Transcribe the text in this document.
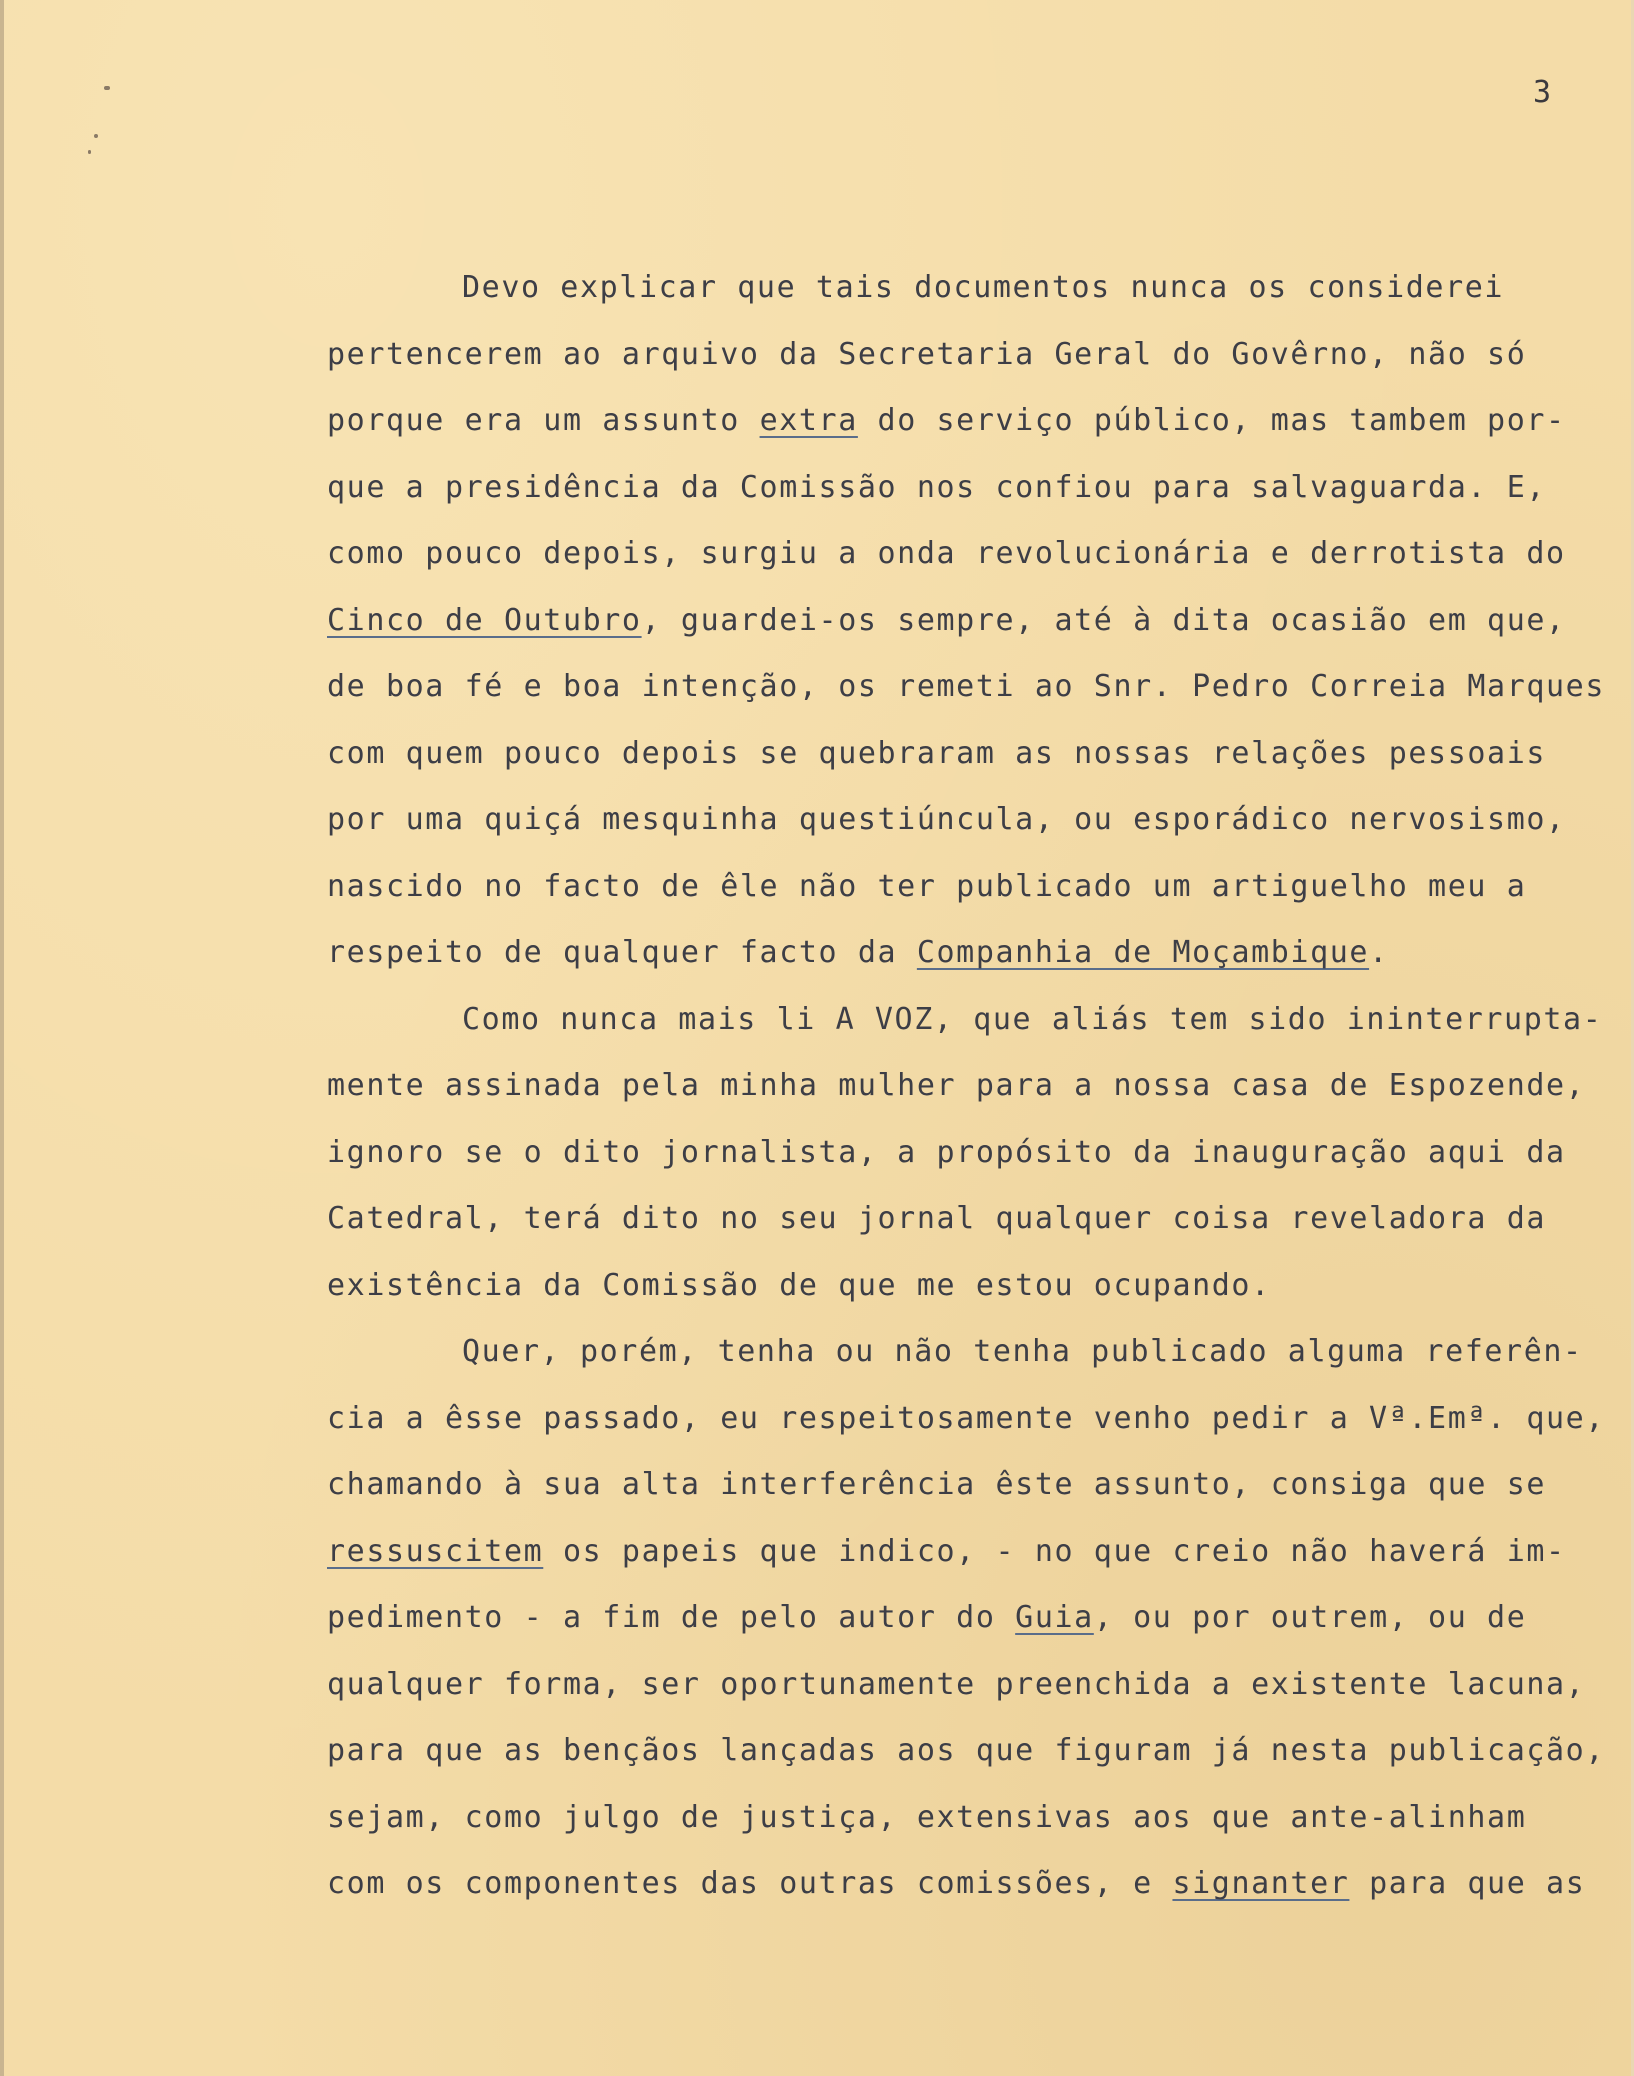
3
Devo explicar que tais documentos nunca os considerei
pertencerem ao arquivo da Secretaria Geral do Govêrno, não só
porque era um assunto extra do serviço público, mas tambem por-
que a presidência da Comissão nos confiou para salvaguarda. E,
como pouco depois, surgiu a onda revolucionária e derrotista do
Cinco de Outubro, guardei-os sempre, até à dita ocasião em que,
de boa fé e boa intenção, os remeti ao Snr. Pedro Correia Marques
com quem pouco depois se quebraram as nossas relações pessoais
por uma quiçá mesquinha questiúncula, ou esporádico nervosismo,
nascido no facto de êle não ter publicado um artiguelho meu a
respeito de qualquer facto da Companhia de Moçambique.
Como nunca mais li A VOZ, que aliás tem sido ininterrupta-
mente assinada pela minha mulher para a nossa casa de Espozende,
ignoro se o dito jornalista, a propósito da inauguração aqui da
Catedral, terá dito no seu jornal qualquer coisa reveladora da
existência da Comissão de que me estou ocupando.
Quer, porém, tenha ou não tenha publicado alguma referên-
cia a êsse passado, eu respeitosamente venho pedir a Vª.Emª. que,
chamando à sua alta interferência êste assunto, consiga que se
ressuscitem os papeis que indico, - no que creio não haverá im-
pedimento - a fim de pelo autor do Guia, ou por outrem, ou de
qualquer forma, ser oportunamente preenchida a existente lacuna,
para que as bençãos lançadas aos que figuram já nesta publicação,
sejam, como julgo de justiça, extensivas aos que ante-alinham
com os componentes das outras comissões, e signanter para que as
